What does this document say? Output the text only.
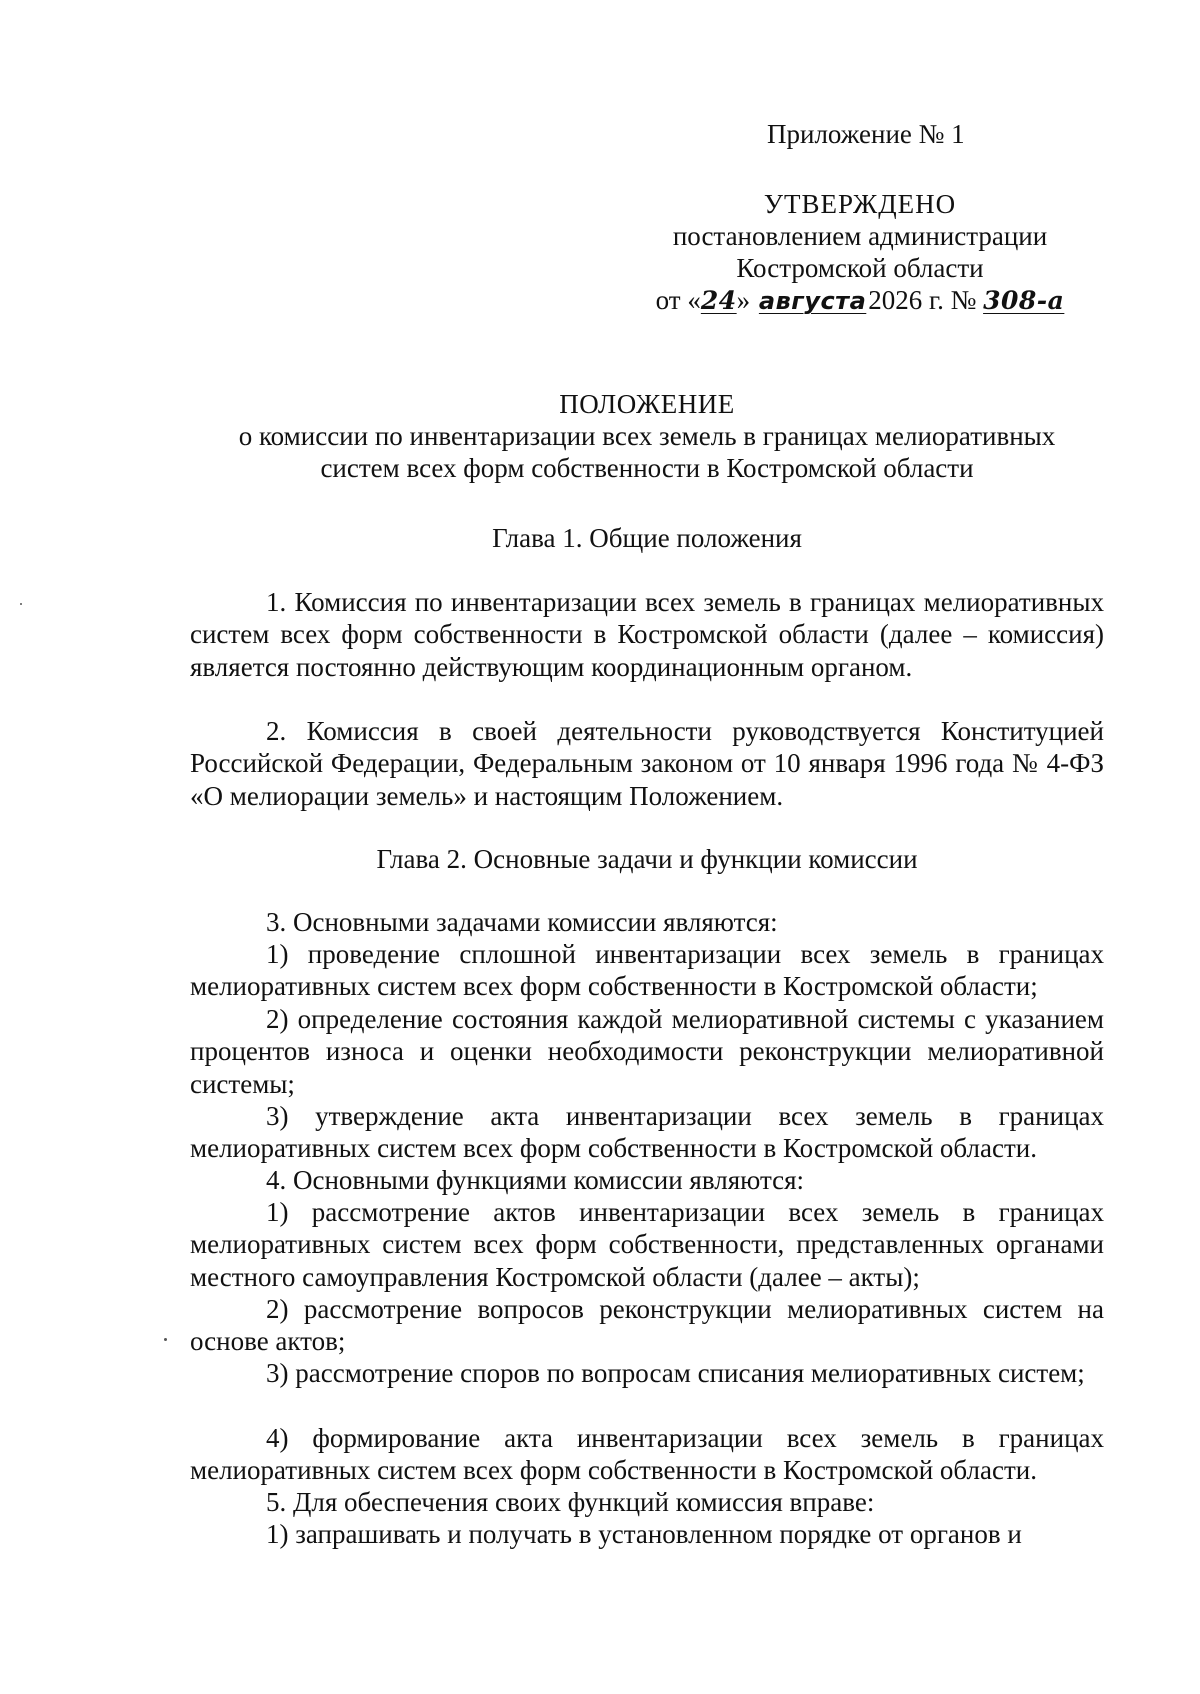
Приложение № 1
УТВЕРЖДЕНО
постановлением администрации
Костромской области
от «24» августа2026 г. № 308-а
ПОЛОЖЕНИЕ
о комиссии по инвентаризации всех земель в границах мелиоративных
систем всех форм собственности в Костромской области
Глава 1. Общие положения
1. Комиссия по инвентаризации всех земель в границах мелиоративных систем всех форм собственности в Костромской области (далее – комиссия) является постоянно действующим координационным органом.
2. Комиссия в своей деятельности руководствуется Конституцией Российской Федерации, Федеральным законом от 10 января 1996 года № 4-ФЗ «О мелиорации земель» и настоящим Положением.
Глава 2. Основные задачи и функции комиссии
3. Основными задачами комиссии являются:
1) проведение сплошной инвентаризации всех земель в границах мелиоративных систем всех форм собственности в Костромской области;
2) определение состояния каждой мелиоративной системы с указанием процентов износа и оценки необходимости реконструкции мелиоративной системы;
3) утверждение акта инвентаризации всех земель в границах мелиоративных систем всех форм собственности в Костромской области.
4. Основными функциями комиссии являются:
1) рассмотрение актов инвентаризации всех земель в границах мелиоративных систем всех форм собственности, представленных органами местного самоуправления Костромской области (далее – акты);
2) рассмотрение вопросов реконструкции мелиоративных систем на основе актов;
3) рассмотрение споров по вопросам списания мелиоративных систем;
4) формирование акта инвентаризации всех земель в границах мелиоративных систем всех форм собственности в Костромской области.
5. Для обеспечения своих функций комиссия вправе:
1) запрашивать и получать в установленном порядке от органов и
